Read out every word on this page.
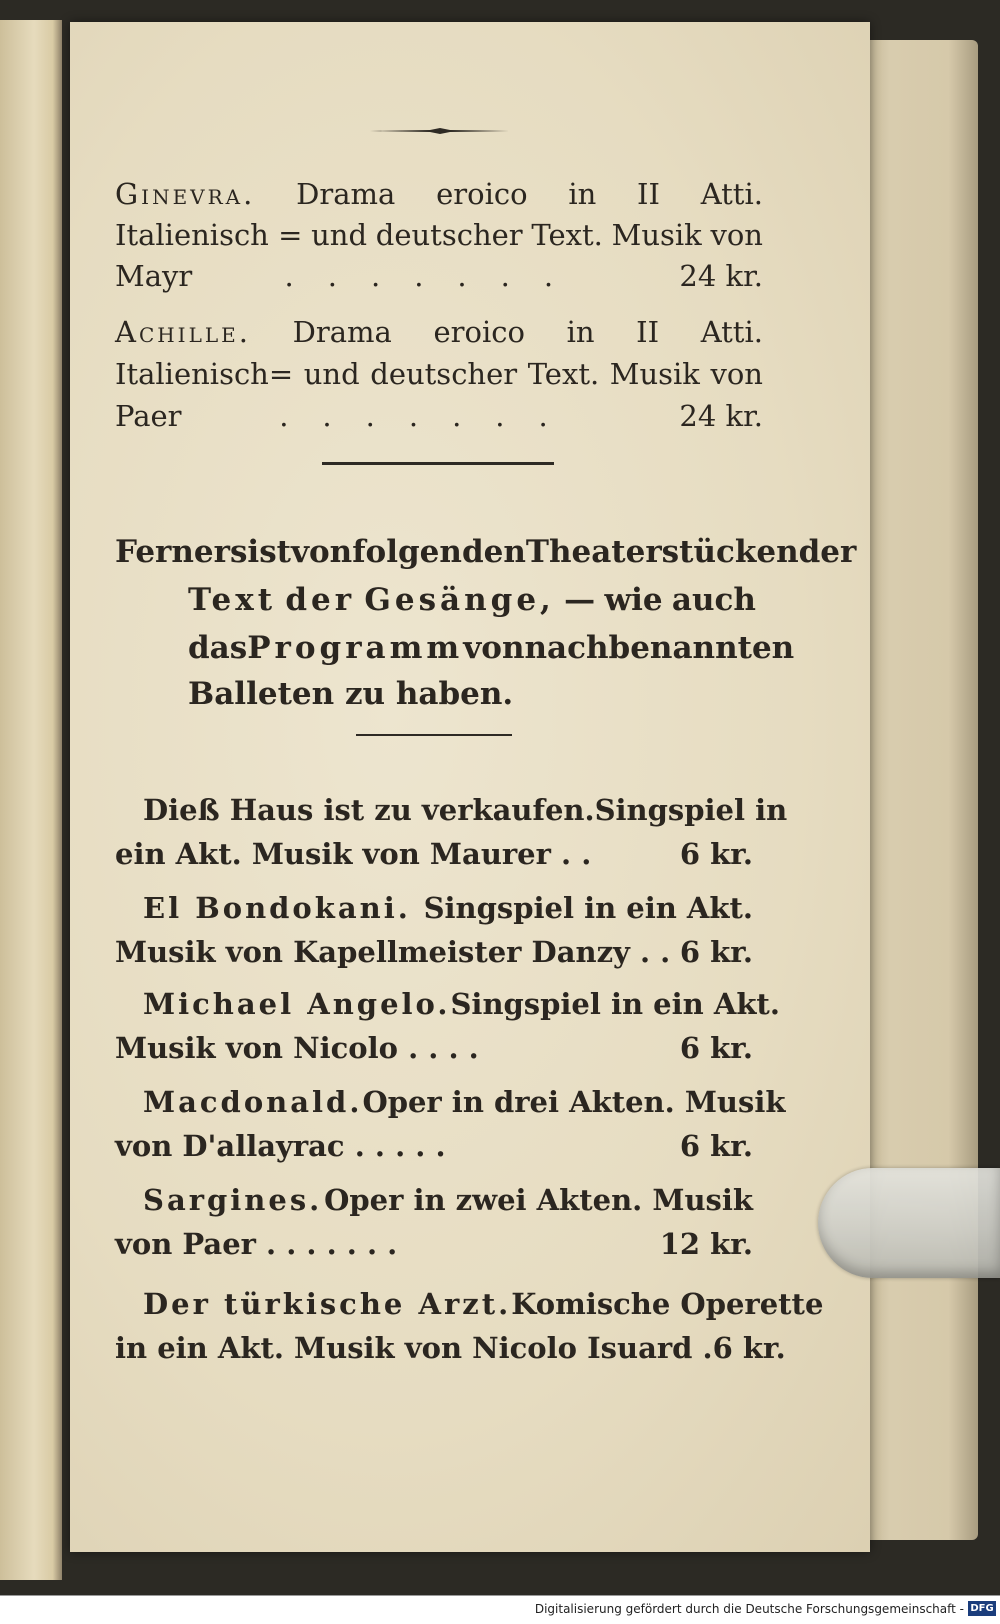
Ginevra. Drama eroico in II Atti.
Italienisch = und deutscher Text. Musik von
Mayr	.......	24 kr.
Achille. Drama eroico in II Atti.
Italienisch= und deutscher Text. Musik von
Paer	.......	24 kr.
Ferners ist von folgenden Theaterstücken der
Text der Gesänge, — wie auch
das Programm von nachbenannten
Balleten zu haben.
Dieß Haus ist zu verkaufen. Singspiel in
ein Akt. Musik von Maurer . .	6 kr.
El Bondokani. Singspiel in ein Akt.
Musik von Kapellmeister Danzy . . 6 kr.
Michael Angelo. Singspiel in ein Akt.
Musik von Nicolo . . . .	6 kr.
Macdonald. Oper in drei Akten. Musik
von D'allayrac . . . . .	6 kr.
Sargines. Oper in zwei Akten. Musik
von Paer . . . . . . .	12 kr.
Der türkische Arzt. Komische Operette
in ein Akt. Musik von Nicolo Isuard . 6 kr.
Digitalisierung gefördert durch die Deutsche Forschungsgemeinschaft - DFG
